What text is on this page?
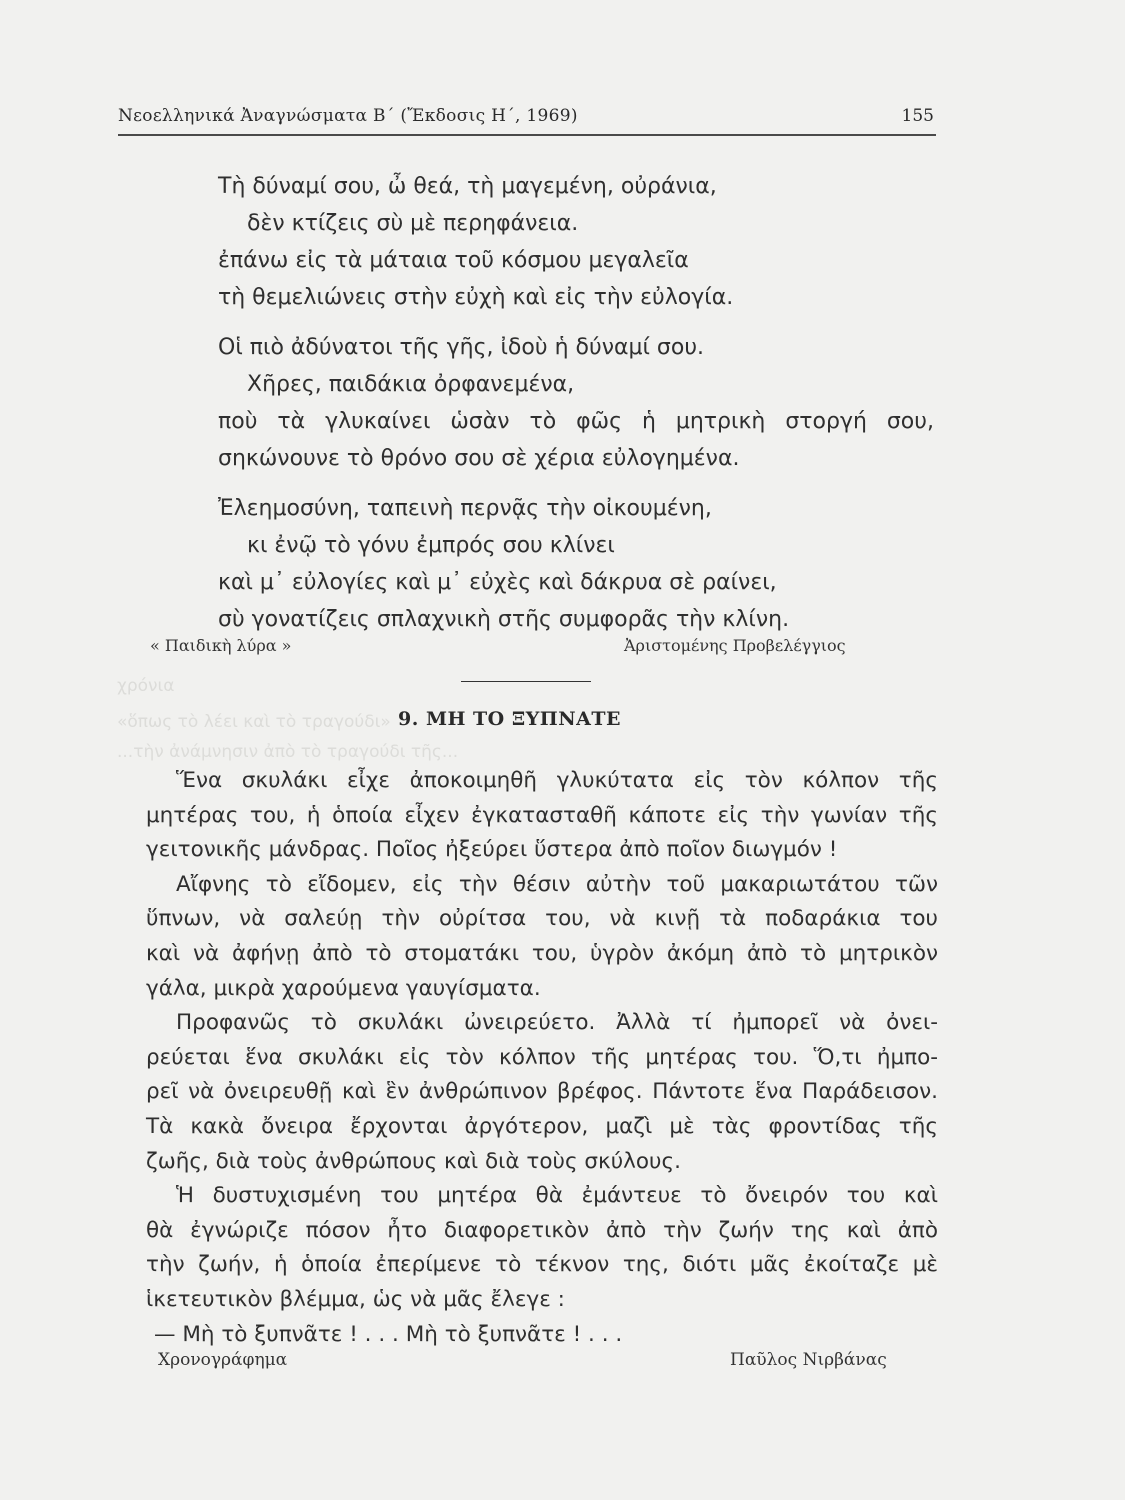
Νεοελληνικά Ἀναγνώσματα Β´ (Ἔκδοσις Η´, 1969)	155
Τὴ δύναμί σου, ὦ θεά, τὴ μαγεμένη, οὐράνια,
δὲν κτίζεις σὺ μὲ περηφάνεια.
ἐπάνω εἰς τὰ μάταια τοῦ κόσμου μεγαλεῖα
τὴ θεμελιώνεις στὴν εὐχὴ καὶ εἰς τὴν εὐλογία.
Οἱ πιὸ ἀδύνατοι τῆς γῆς, ἰδοὺ ἡ δύναμί σου.
Χῆρες, παιδάκια ὀρφανεμένα,
ποὺ τὰ γλυκαίνει ὡσὰν τὸ φῶς ἡ μητρικὴ στοργή σου,
σηκώνουνε τὸ θρόνο σου σὲ χέρια εὐλογημένα.
Ἐλεημοσύνη, ταπεινὴ περνᾷς τὴν οἰκουμένη,
κι ἐνῷ τὸ γόνυ ἐμπρός σου κλίνει
καὶ μ᾽ εὐλογίες καὶ μ᾽ εὐχὲς καὶ δάκρυα σὲ ραίνει,
σὺ γονατίζεις σπλαχνικὴ στῆς συμφορᾶς τὴν κλίνη.
« Παιδικὴ λύρα »	Ἀριστομένης Προβελέγγιος
χρόνια
«ὅπως τὸ λέει καὶ τὸ τραγούδι»
...τὴν ἀνάμνησιν ἀπὸ τὸ τραγούδι τῆς...
9. ΜΗ ΤΟ ΞΥΠΝΑΤΕ
Ἕνα σκυλάκι εἶχε ἀποκοιμηθῆ γλυκύτατα εἰς τὸν κόλπον τῆς
μητέρας του, ἡ ὁποία εἶχεν ἐγκατασταθῆ κάποτε εἰς τὴν γωνίαν τῆς
γειτονικῆς μάνδρας. Ποῖος ἠξεύρει ὕστερα ἀπὸ ποῖον διωγμόν !
Αἴφνης τὸ εἴδομεν, εἰς τὴν θέσιν αὐτὴν τοῦ μακαριωτάτου τῶν
ὕπνων, νὰ σαλεύῃ τὴν οὐρίτσα του, νὰ κινῇ τὰ ποδαράκια του
καὶ νὰ ἀφήνῃ ἀπὸ τὸ στοματάκι του, ὑγρὸν ἀκόμη ἀπὸ τὸ μητρικὸν
γάλα, μικρὰ χαρούμενα γαυγίσματα.
Προφανῶς τὸ σκυλάκι ὠνειρεύετο. Ἀλλὰ τί ἠμπορεῖ νὰ ὀνει-
ρεύεται ἕνα σκυλάκι εἰς τὸν κόλπον τῆς μητέρας του. Ὅ,τι ἠμπο-
ρεῖ νὰ ὀνειρευθῇ καὶ ἓν ἀνθρώπινον βρέφος. Πάντοτε ἕνα Παράδεισον.
Τὰ κακὰ ὄνειρα ἔρχονται ἀργότερον, μαζὶ μὲ τὰς φροντίδας τῆς
ζωῆς, διὰ τοὺς ἀνθρώπους καὶ διὰ τοὺς σκύλους.
Ἡ δυστυχισμένη του μητέρα θὰ ἐμάντευε τὸ ὄνειρόν του καὶ
θὰ ἐγνώριζε πόσον ἦτο διαφορετικὸν ἀπὸ τὴν ζωήν της καὶ ἀπὸ
τὴν ζωήν, ἡ ὁποία ἐπερίμενε τὸ τέκνον της, διότι μᾶς ἐκοίταζε μὲ
ἱκετευτικὸν βλέμμα, ὡς νὰ μᾶς ἔλεγε :
— Μὴ τὸ ξυπνᾶτε ! . . . Μὴ τὸ ξυπνᾶτε ! . . .
Χρονογράφημα	Παῦλος Νιρβάνας
